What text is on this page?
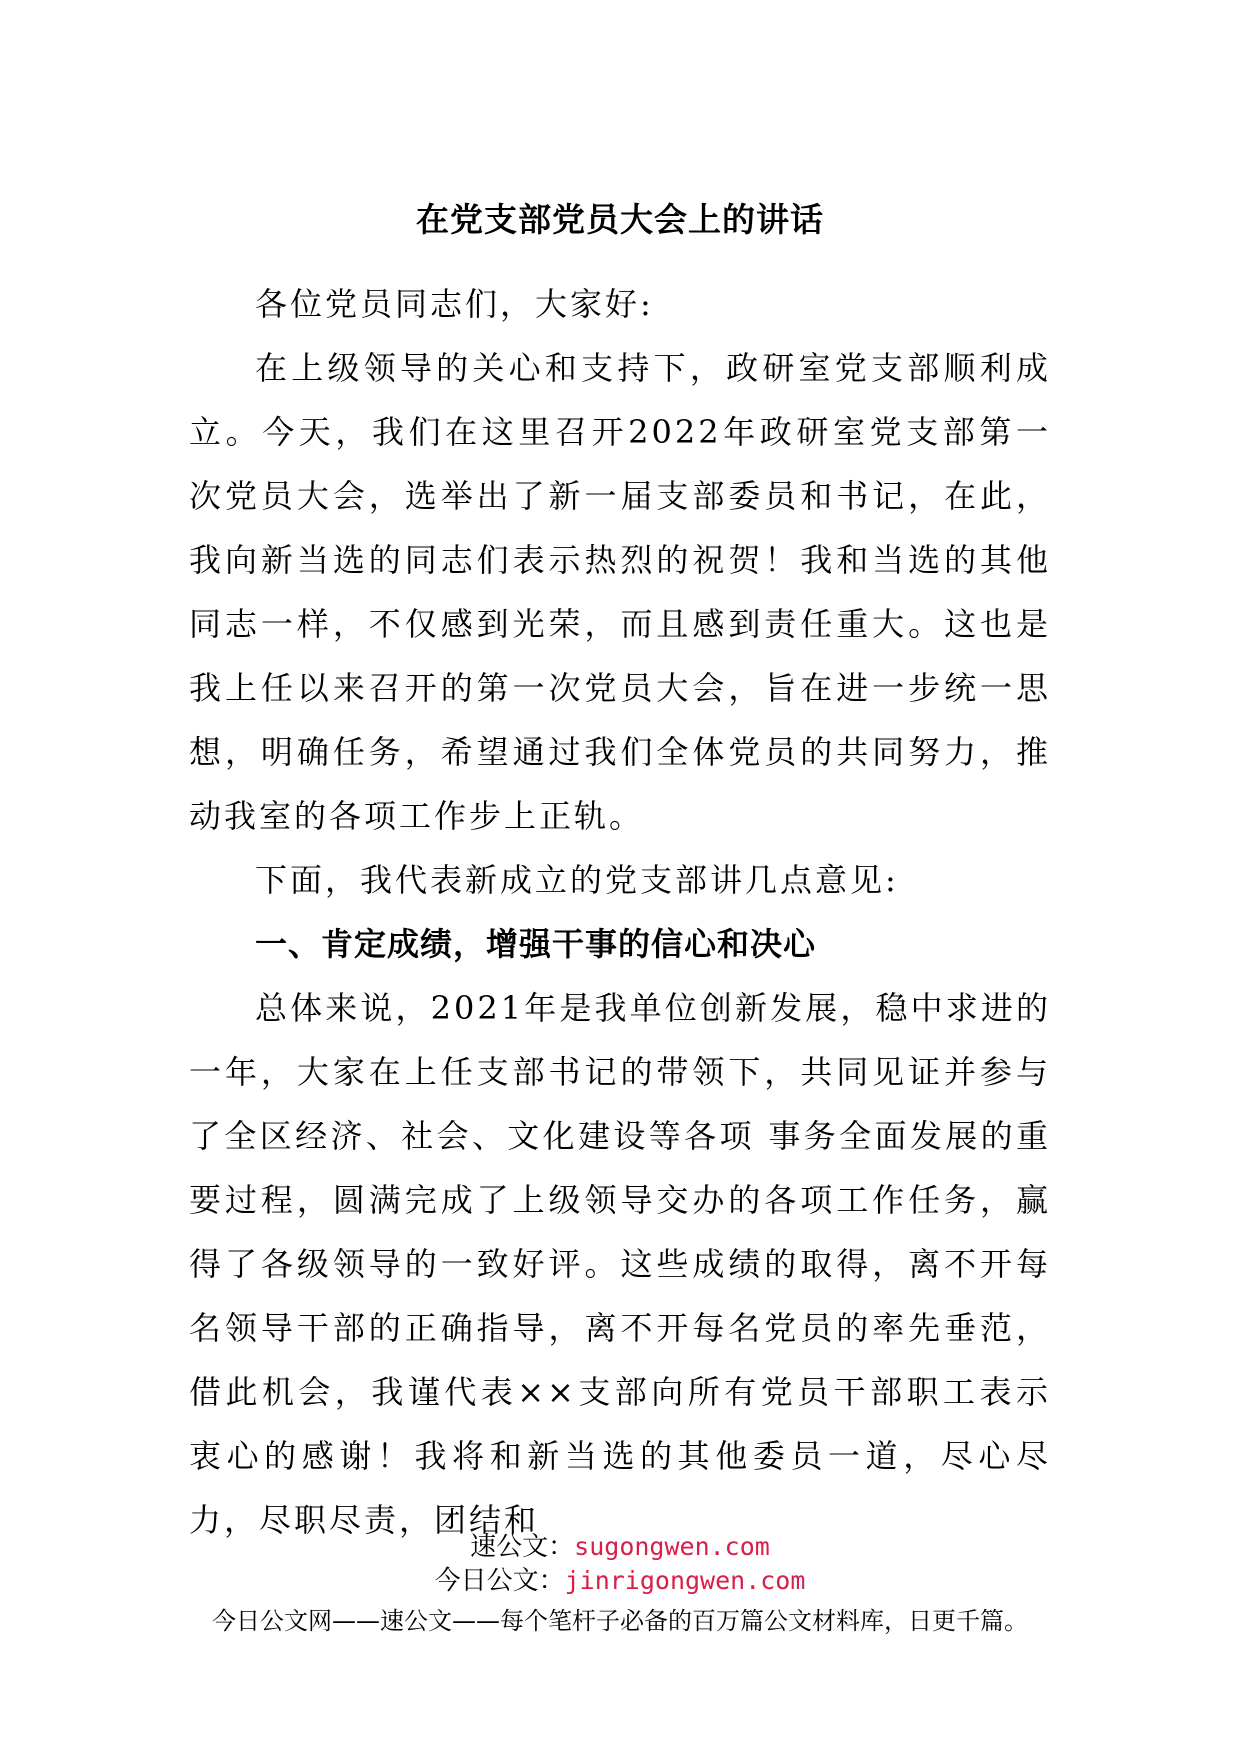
在党支部党员大会上的讲话

各位党员同志们，大家好:

在上级领导的关心和支持下，政研室党支部顺利成立。今天，我们在这里召开2022年政研室党支部第一次党员大会，选举出了新一届支部委员和书记，在此，我向新当选的同志们表示热烈的祝贺！我和当选的其他同志一样，不仅感到光荣，而且感到责任重大。这也是我上任以来召开的第一次党员大会，旨在进一步统一思想，明确任务，希望通过我们全体党员的共同努力，推动我室的各项工作步上正轨。

下面，我代表新成立的党支部讲几点意见:

一、肯定成绩，增强干事的信心和决心

总体来说，2021年是我单位创新发展，稳中求进的一年，大家在上任支部书记的带领下，共同见证并参与了全区经济、社会、文化建设等各项 事务全面发展的重要过程，圆满完成了上级领导交办的各项工作任务，赢得了各级领导的一致好评。这些成绩的取得，离不开每名领导干部的正确指导，离不开每名党员的率先垂范，借此机会，我谨代表××支部向所有党员干部职工表示衷心的感谢！我将和新当选的其他委员一道，尽心尽力，尽职尽责，团结和

速公文：sugongwen.com
今日公文：jinrigongwen.com
今日公文网——速公文——每个笔杆子必备的百万篇公文材料库，日更千篇。
